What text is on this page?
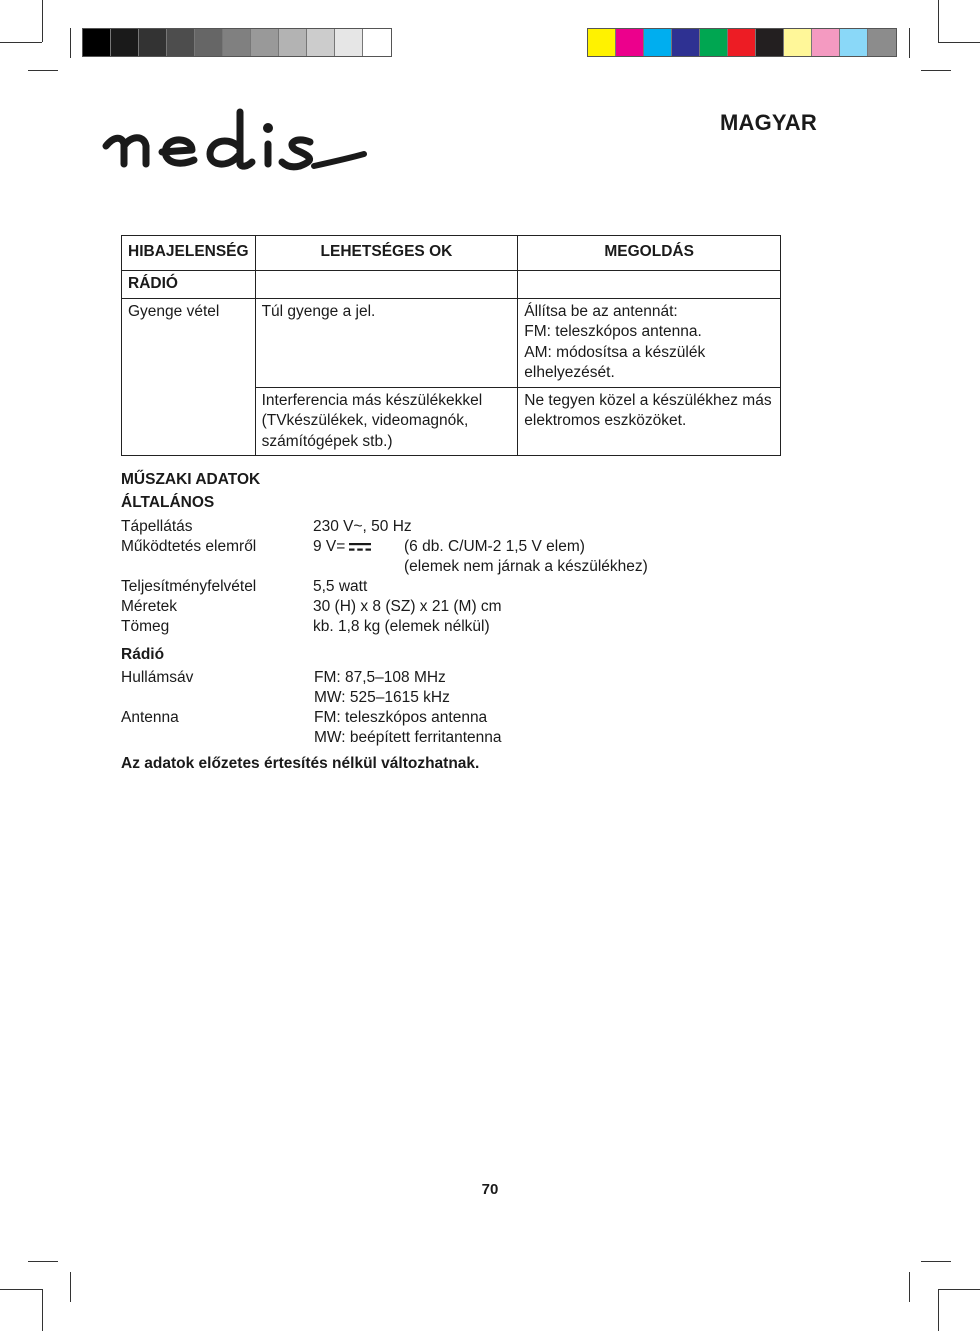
MAGYAR
HIBAJELENSÉG	LEHETSÉGES OK	MEGOLDÁS
RÁDIÓ		
Gyenge vétel	Túl gyenge a jel.	Állítsa be az antennát:
FM: teleszkópos antenna.
AM: módosítsa a készülék
elhelyezését.
	Interferencia más készülékekkel
(TVkészülékek, videomagnók,
számítógépek stb.)	Ne tegyen közel a készülékhez más
elektromos eszközöket.
MŰSZAKI ADATOK
ÁLTALÁNOS
Tápellátás	230 V~, 50 Hz
Működtetés elemről	9 V=	(6 db. C/UM-2 1,5 V elem)
(elemek nem járnak a készülékhez)
Teljesítményfelvétel	5,5 watt
Méretek	30 (H) x 8 (SZ) x 21 (M) cm
Tömeg	kb. 1,8 kg (elemek nélkül)
Rádió
Hullámsáv	FM: 87,5–108 MHz
MW: 525–1615 kHz
Antenna	FM: teleszkópos antenna
MW: beépített ferritantenna
Az adatok előzetes értesítés nélkül változhatnak.
70
